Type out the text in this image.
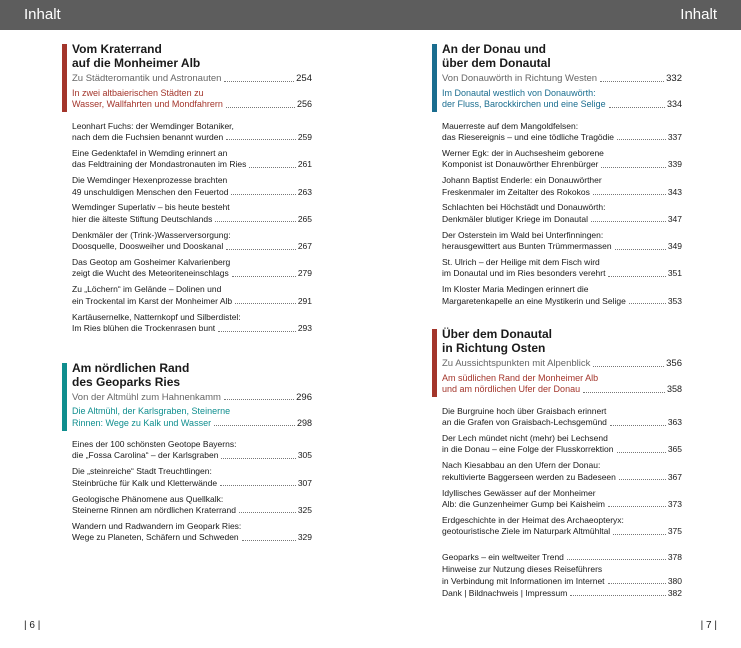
Inhalt	Inhalt
Vom Kraterrand
auf die Monheimer Alb
Zu Städteromantik und Astronauten	254
In zwei altbaierischen Städten zu
Wasser, Wallfahrten und Mondfahrern	256
Leonhart Fuchs: der Wemdinger Botaniker,
nach dem die Fuchsien benannt wurden	259
Eine Gedenktafel in Wemding erinnert an
das Feldtraining der Mondastronauten im Ries	261
Die Wemdinger Hexenprozesse brachten
49 unschuldigen Menschen den Feuertod	263
Wemdinger Superlativ – bis heute besteht
hier die älteste Stiftung Deutschlands	265
Denkmäler der (Trink-)Wasserversorgung:
Doosquelle, Doosweiher und Dooskanal	267
Das Geotop am Gosheimer Kalvarienberg
zeigt die Wucht des Meteoriteneinschlags	279
Zu „Löchern“ im Gelände – Dolinen und
ein Trockental im Karst der Monheimer Alb	291
Kartäusernelke, Natternkopf und Silberdistel:
Im Ries blühen die Trockenrasen bunt	293
Am nördlichen Rand
des Geoparks Ries
Von der Altmühl zum Hahnenkamm	296
Die Altmühl, der Karlsgraben, Steinerne
Rinnen: Wege zu Kalk und Wasser	298
Eines der 100 schönsten Geotope Bayerns:
die „Fossa Carolina“ – der Karlsgraben	305
Die „steinreiche“ Stadt Treuchtlingen:
Steinbrüche für Kalk und Kletterwände	307
Geologische Phänomene aus Quellkalk:
Steinerne Rinnen am nördlichen Kraterrand	325
Wandern und Radwandern im Geopark Ries:
Wege zu Planeten, Schäfern und Schweden	329
An der Donau und
über dem Donautal
Von Donauwörth in Richtung Westen	332
Im Donautal westlich von Donauwörth:
der Fluss, Barockkirchen und eine Selige	334
Mauerreste auf dem Mangoldfelsen:
das Riesereignis – und eine tödliche Tragödie	337
Werner Egk: der in Auchsesheim geborene
Komponist ist Donauwörther Ehrenbürger	339
Johann Baptist Enderle: ein Donauwörther
Freskenmaler im Zeitalter des Rokokos	343
Schlachten bei Höchstädt und Donauwörth:
Denkmäler blutiger Kriege im Donautal	347
Der Osterstein im Wald bei Unterfinningen:
herausgewittert aus Bunten Trümmermassen	349
St. Ulrich – der Heilige mit dem Fisch wird
im Donautal und im Ries besonders verehrt	351
Im Kloster Maria Medingen erinnert die
Margaretenkapelle an eine Mystikerin und Selige	353
Über dem Donautal
in Richtung Osten
Zu Aussichtspunkten mit Alpenblick	356
Am südlichen Rand der Monheimer Alb
und am nördlichen Ufer der Donau	358
Die Burgruine hoch über Graisbach erinnert
an die Grafen von Graisbach-Lechsgemünd	363
Der Lech mündet nicht (mehr) bei Lechsend
in die Donau – eine Folge der Flusskorrektion	365
Nach Kiesabbau an den Ufern der Donau:
rekultivierte Baggerseen werden zu Badeseen	367
Idyllisches Gewässer auf der Monheimer
Alb: die Gunzenheimer Gump bei Kaisheim	373
Erdgeschichte in der Heimat des Archaeopteryx:
geotouristische Ziele im Naturpark Altmühltal	375
Geoparks – ein weltweiter Trend	378
Hinweise zur Nutzung dieses Reiseführers
in Verbindung mit Informationen im Internet	380
Dank | Bildnachweis | Impressum	382
| 6 |	| 7 |
